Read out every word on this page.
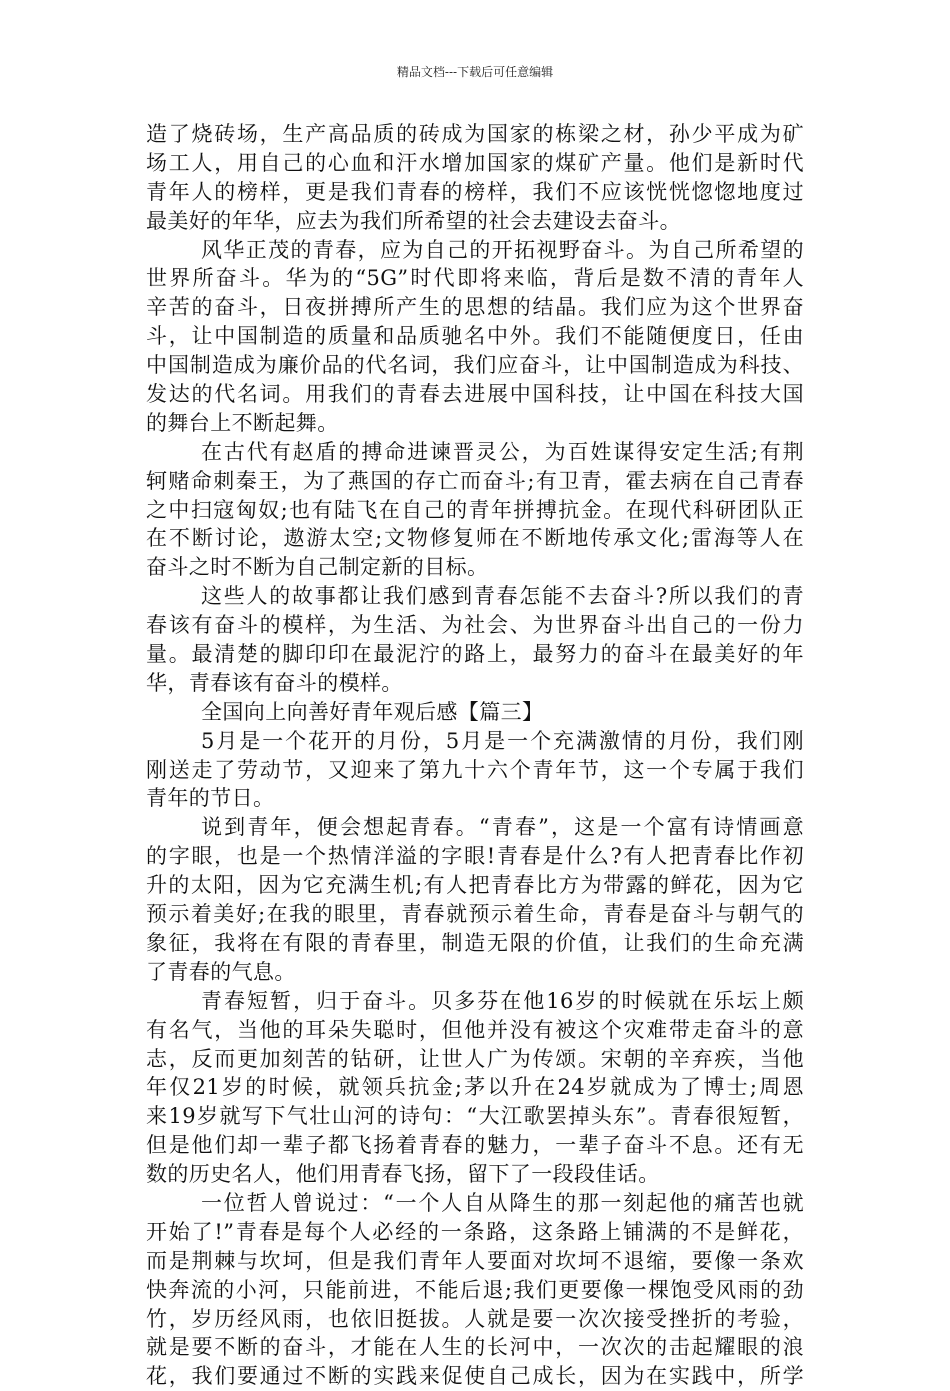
精品文档---下载后可任意编辑
造了烧砖场，生产高品质的砖成为国家的栋梁之材，孙少平成为矿
场工人，用自己的心血和汗水增加国家的煤矿产量。他们是新时代
青年人的榜样，更是我们青春的榜样，我们不应该恍恍惚惚地度过
最美好的年华，应去为我们所希望的社会去建设去奋斗。
风华正茂的青春，应为自己的开拓视野奋斗。为自己所希望的
世界所奋斗。华为的“5G”时代即将来临，背后是数不清的青年人
辛苦的奋斗，日夜拼搏所产生的思想的结晶。我们应为这个世界奋
斗，让中国制造的质量和品质驰名中外。我们不能随便度日，任由
中国制造成为廉价品的代名词，我们应奋斗，让中国制造成为科技、
发达的代名词。用我们的青春去进展中国科技，让中国在科技大国
的舞台上不断起舞。
在古代有赵盾的搏命进谏晋灵公，为百姓谋得安定生活;有荆
轲赌命刺秦王，为了燕国的存亡而奋斗;有卫青，霍去病在自己青春
之中扫寇匈奴;也有陆飞在自己的青年拼搏抗金。在现代科研团队正
在不断讨论，遨游太空;文物修复师在不断地传承文化;雷海等人在
奋斗之时不断为自己制定新的目标。
这些人的故事都让我们感到青春怎能不去奋斗?所以我们的青
春该有奋斗的模样，为生活、为社会、为世界奋斗出自己的一份力
量。最清楚的脚印印在最泥泞的路上，最努力的奋斗在最美好的年
华，青春该有奋斗的模样。
全国向上向善好青年观后感【篇三】
5月是一个花开的月份，5月是一个充满激情的月份，我们刚
刚送走了劳动节，又迎来了第九十六个青年节，这一个专属于我们
青年的节日。
说到青年，便会想起青春。“青春”，这是一个富有诗情画意
的字眼，也是一个热情洋溢的字眼!青春是什么?有人把青春比作初
升的太阳，因为它充满生机;有人把青春比方为带露的鲜花，因为它
预示着美好;在我的眼里，青春就预示着生命，青春是奋斗与朝气的
象征，我将在有限的青春里，制造无限的价值，让我们的生命充满
了青春的气息。
青春短暂，归于奋斗。贝多芬在他16岁的时候就在乐坛上颇
有名气，当他的耳朵失聪时，但他并没有被这个灾难带走奋斗的意
志，反而更加刻苦的钻研，让世人广为传颂。宋朝的辛弃疾，当他
年仅21岁的时候，就领兵抗金;茅以升在24岁就成为了博士;周恩
来19岁就写下气壮山河的诗句：“大江歌罢掉头东”。青春很短暂，
但是他们却一辈子都飞扬着青春的魅力，一辈子奋斗不息。还有无
数的历史名人，他们用青春飞扬，留下了一段段佳话。
一位哲人曾说过：“一个人自从降生的那一刻起他的痛苦也就
开始了!”青春是每个人必经的一条路，这条路上铺满的不是鲜花，
而是荆棘与坎坷，但是我们青年人要面对坎坷不退缩，要像一条欢
快奔流的小河，只能前进，不能后退;我们更要像一棵饱受风雨的劲
竹，岁历经风雨，也依旧挺拔。人就是要一次次接受挫折的考验，
就是要不断的奋斗，才能在人生的长河中，一次次的击起耀眼的浪
花，我们要通过不断的实践来促使自己成长，因为在实践中，所学
